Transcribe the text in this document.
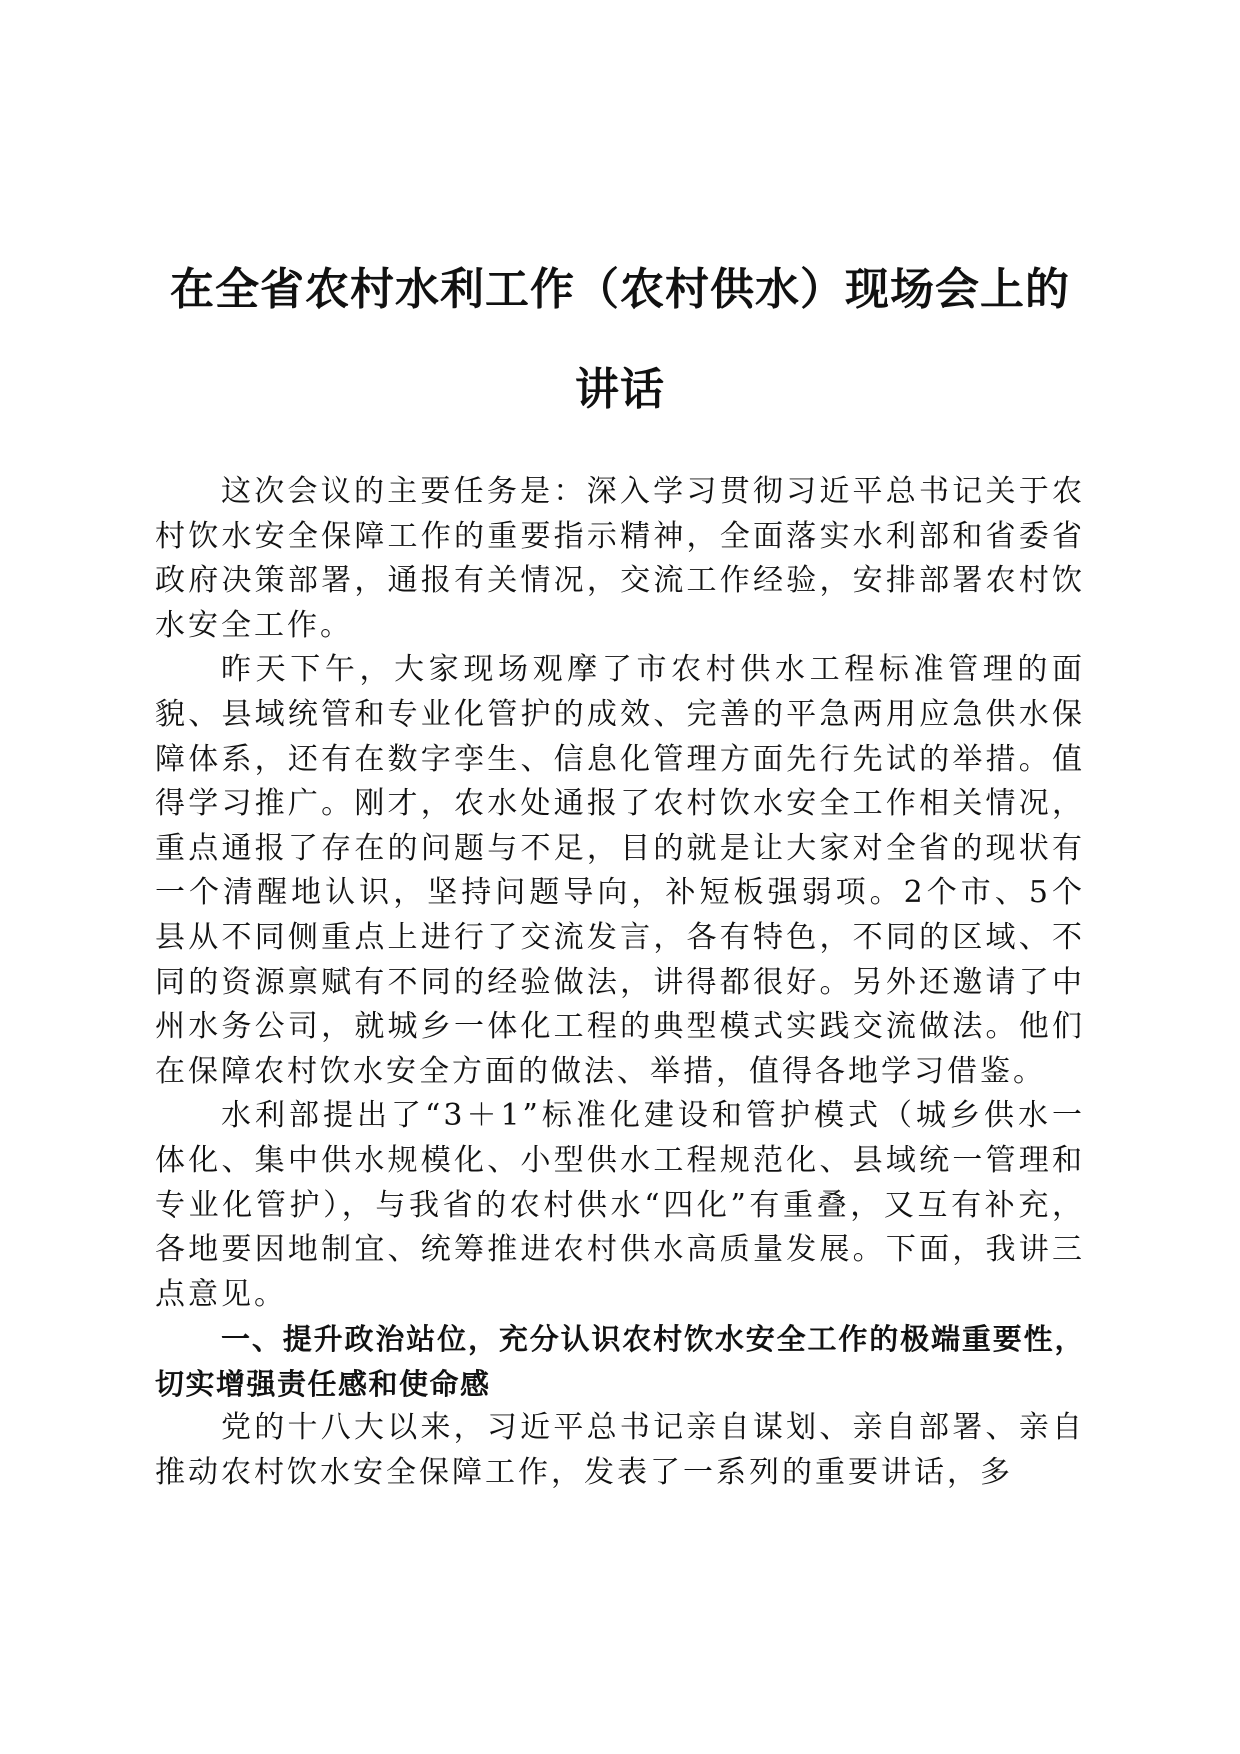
在全省农村水利工作（农村供水）现场会上的讲话

这次会议的主要任务是：深入学习贯彻习近平总书记关于农村饮水安全保障工作的重要指示精神，全面落实水利部和省委省政府决策部署，通报有关情况，交流工作经验，安排部署农村饮水安全工作。

昨天下午，大家现场观摩了市农村供水工程标准管理的面貌、县域统管和专业化管护的成效、完善的平急两用应急供水保障体系，还有在数字孪生、信息化管理方面先行先试的举措。值得学习推广。刚才，农水处通报了农村饮水安全工作相关情况，重点通报了存在的问题与不足，目的就是让大家对全省的现状有一个清醒地认识，坚持问题导向，补短板强弱项。2个市、5个县从不同侧重点上进行了交流发言，各有特色，不同的区域、不同的资源禀赋有不同的经验做法，讲得都很好。另外还邀请了中州水务公司，就城乡一体化工程的典型模式实践交流做法。他们在保障农村饮水安全方面的做法、举措，值得各地学习借鉴。

水利部提出了“3＋1”标准化建设和管护模式（城乡供水一体化、集中供水规模化、小型供水工程规范化、县域统一管理和专业化管护），与我省的农村供水“四化”有重叠，又互有补充，各地要因地制宜、统筹推进农村供水高质量发展。下面，我讲三点意见。

一、提升政治站位，充分认识农村饮水安全工作的极端重要性，切实增强责任感和使命感

党的十八大以来，习近平总书记亲自谋划、亲自部署、亲自推动农村饮水安全保障工作，发表了一系列的重要讲话，多
